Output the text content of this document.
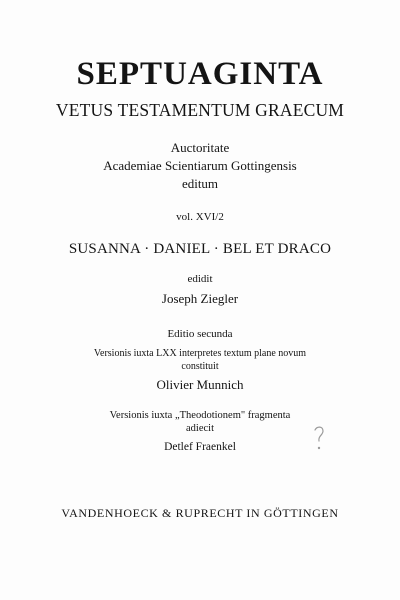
SEPTUAGINTA
VETUS TESTAMENTUM GRAECUM
Auctoritate
Academiae Scientiarum Gottingensis
editum
vol. XVI/2
SUSANNA · DANIEL · BEL ET DRACO
edidit
Joseph Ziegler
Editio secunda
Versionis iuxta LXX interpretes textum plane novum
constituit
Olivier Munnich
Versionis iuxta „Theodotionem" fragmenta
adiecit
Detlef Fraenkel
VANDENHOECK & RUPRECHT IN GÖTTINGEN
